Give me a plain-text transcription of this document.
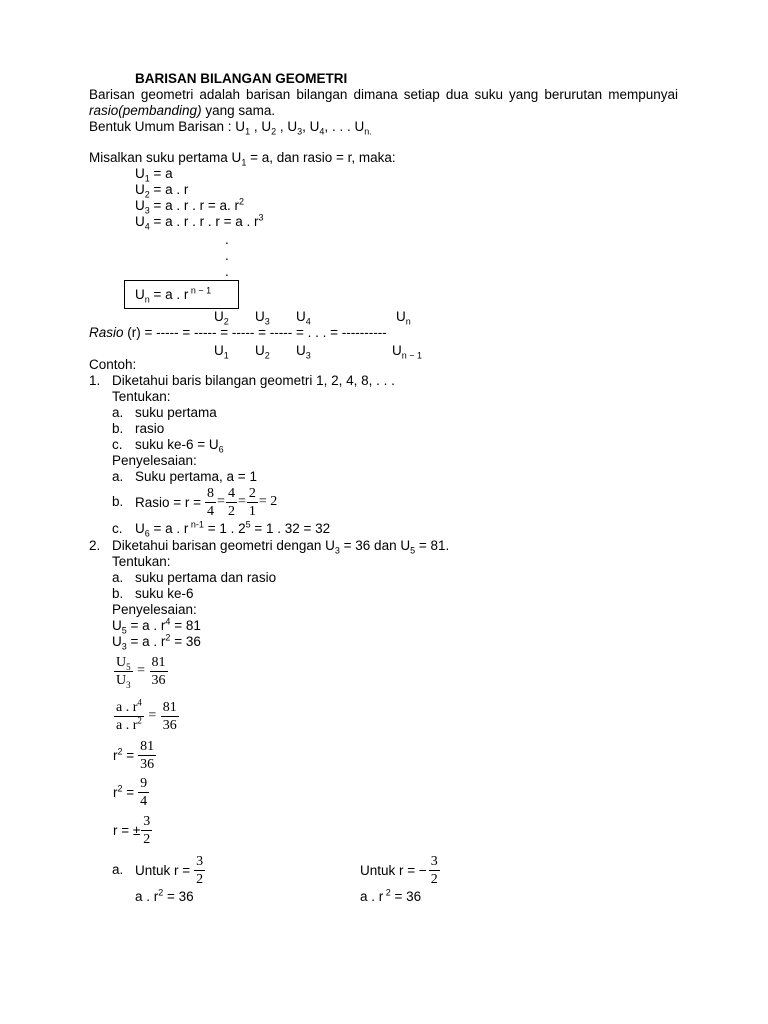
BARISAN BILANGAN GEOMETRI
Barisan geometri adalah barisan bilangan dimana setiap dua suku yang berurutan mempunyai
rasio(pembanding) yang sama.
Bentuk Umum Barisan : $U_1$ , $U_2$ , $U_3$, $U_4$, . . . $U_{n.}$
Misalkan suku pertama $U_1 = a$, dan rasio = r, maka:
$U_1 = a$
$U_2 = a$ . r
$U_3 = a$ . r . r = a. $r^2$
$U_4 = a$ . r . r . r = a . $r^3$
.
.
.
$U_n = a$ . r $^{n - 1}$
$U_2$ $U_3$ $U_4$	$U_n$
Rasio (r) = ----- = ----- = ----- = ----- = . . . = ----------
$U_1$ $U_2$ $U_3$	$U_{n - 1}$
Contoh:
1. Diketahui baris bilangan geometri 1, 2, 4, 8, . . .
Tentukan:
a. suku pertama
b. rasio
c. suku $ke-6 = U_6$
Penyelesaian:
a. Suku pertama, a = 1
b. Rasio = $r = \frac{8}{4} = \frac{4}{2} = \frac{2}{1} = 2$
c. $U_6 = a$ . r $^{n-1}$ = 1 . $2^5 = 1$ . 32 = 32
2. Diketahui barisan geometri dengan $U_3 = 36$ dan $U_5 = 81$.
Tentukan:
a. suku pertama dan rasio
b. suku ke-6
Penyelesaian:
$U_5 = a$ . $r^4 = 81$
$U_3 = a$ . $r^2 = 36$
$\frac{U_5}{U_3} = \frac{81}{36}$
$\frac{a . r^4}{a . r^2} = \frac{81}{36}$
$r^2 = \frac{81}{36}$
$r^2 = \frac{9}{4}$
r = ± $\frac{3}{2}$
a. Untuk $r = \frac{3}{2}$	Untuk r = − $\frac{3}{2}$
a . $r^2 = 36$	a . r $^2$ = 36
